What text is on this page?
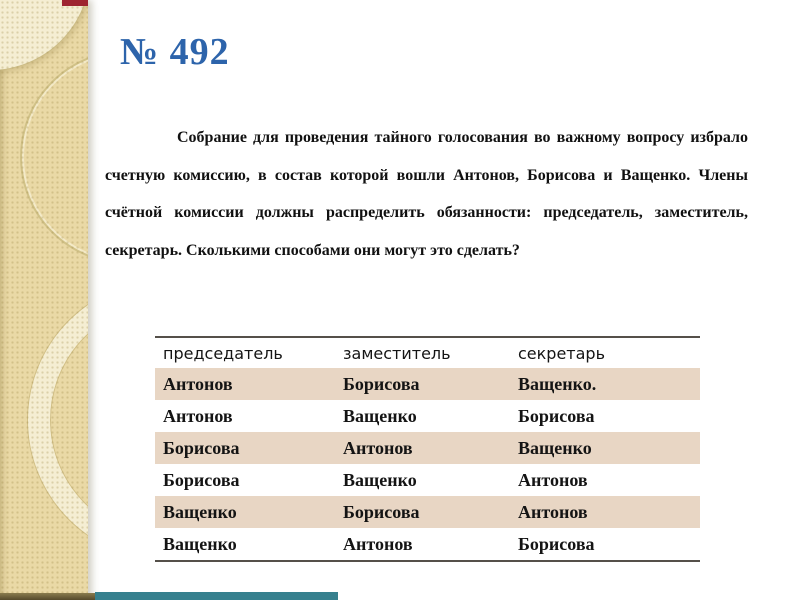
№ 492

Собрание для проведения тайного голосования во важному вопросу избрало счетную комиссию, в состав которой вошли Антонов, Борисова и Ващенко. Члены счётной комиссии должны распределить обязанности: председатель, заместитель, секретарь. Сколькими способами они могут это сделать?

председатель	заместитель	секретарь
Антонов	Борисова	Ващенко.
Антонов	Ващенко	Борисова
Борисова	Антонов	Ващенко
Борисова	Ващенко	Антонов
Ващенко	Борисова	Антонов
Ващенко	Антонов	Борисова
